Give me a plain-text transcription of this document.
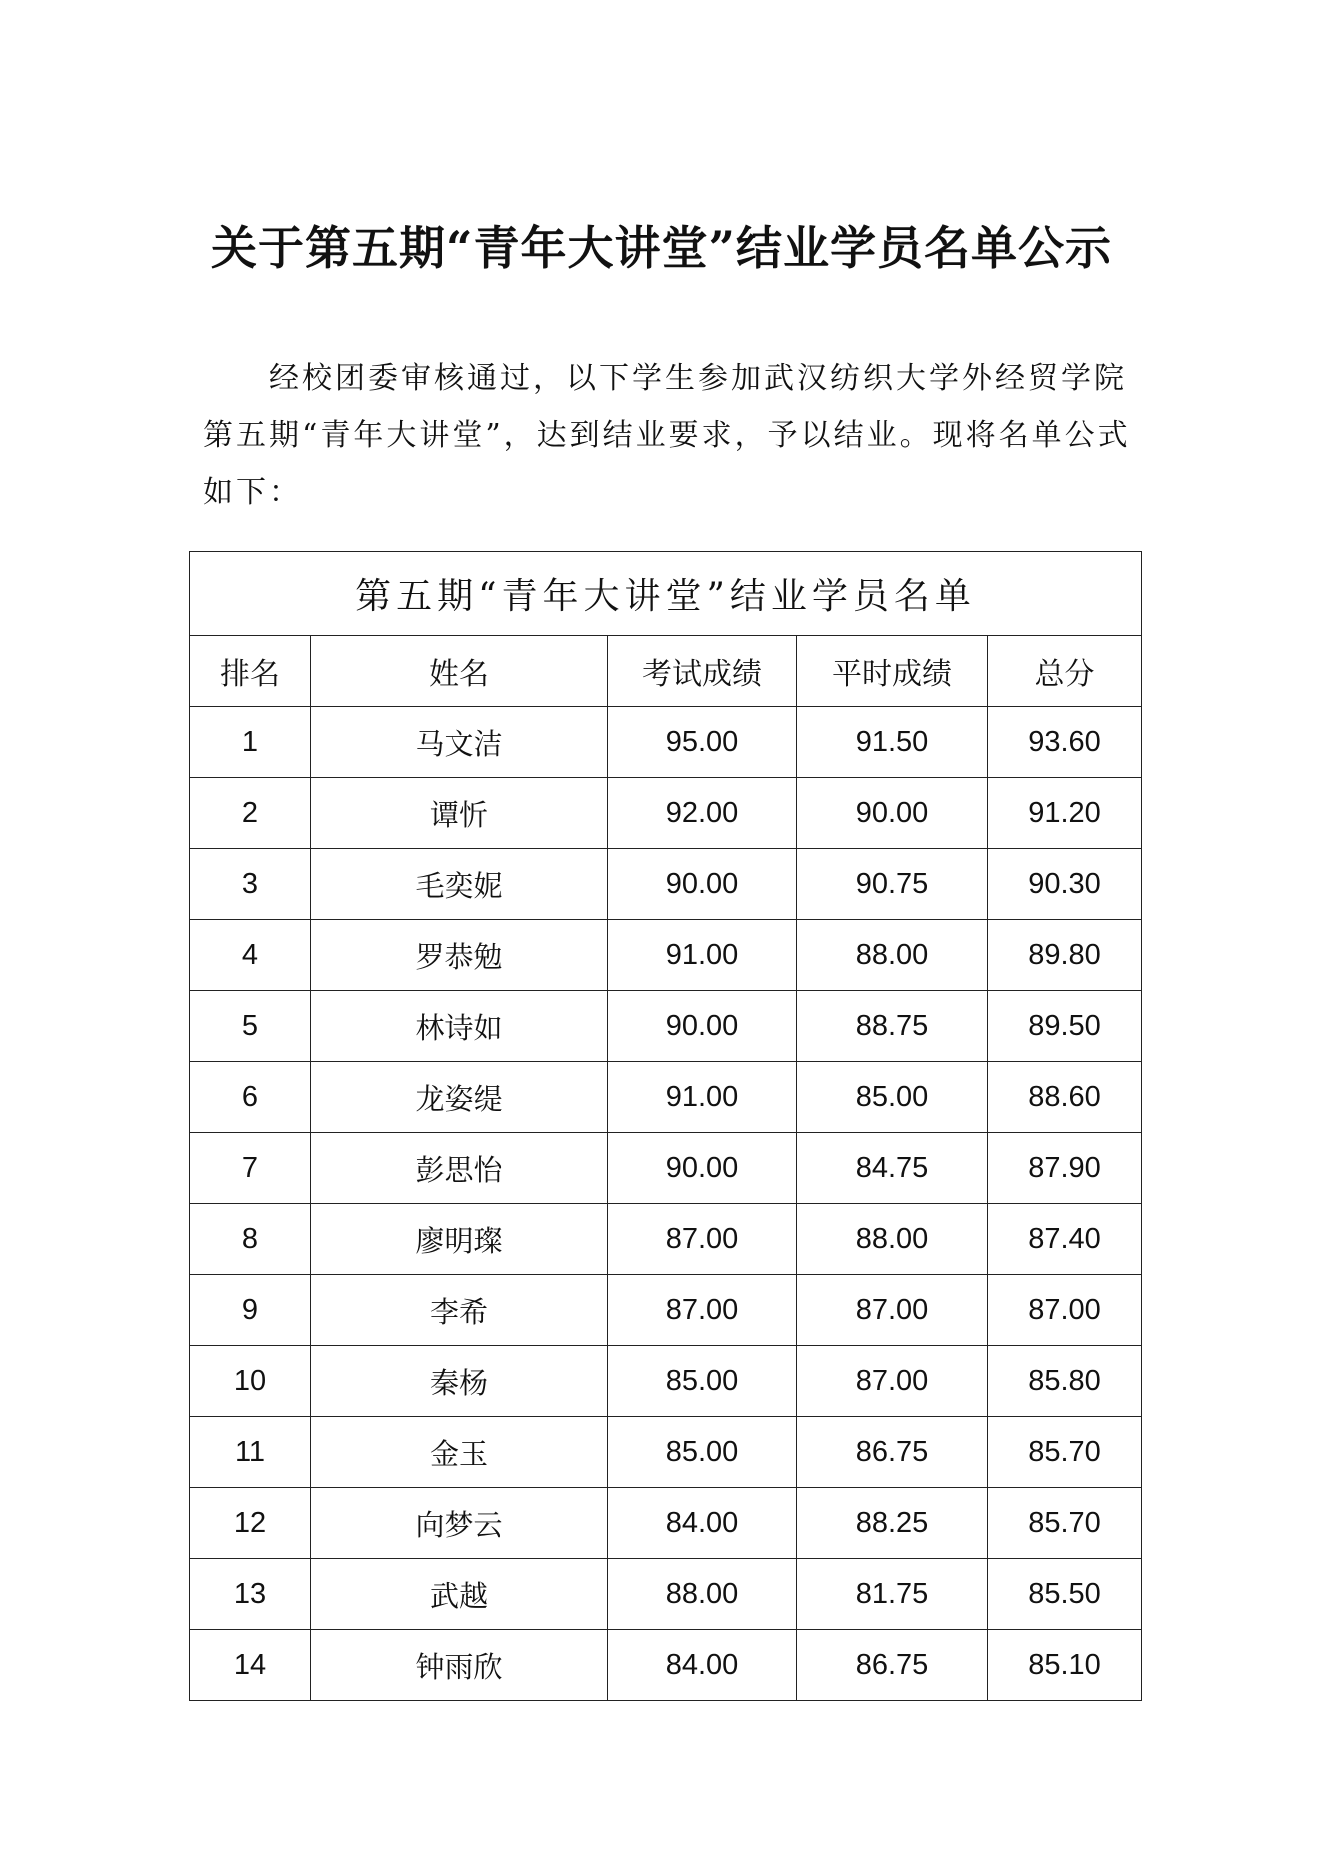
关于第五期“青年大讲堂”结业学员名单公示

经校团委审核通过，以下学生参加武汉纺织大学外经贸学院第五期“青年大讲堂”，达到结业要求，予以结业。现将名单公式如下：

第五期“青年大讲堂”结业学员名单				
排名	姓名	考试成绩	平时成绩	总分
1	马文洁	95.00	91.50	93.60
2	谭忻	92.00	90.00	91.20
3	毛奕妮	90.00	90.75	90.30
4	罗恭勉	91.00	88.00	89.80
5	林诗如	90.00	88.75	89.50
6	龙姿缇	91.00	85.00	88.60
7	彭思怡	90.00	84.75	87.90
8	廖明璨	87.00	88.00	87.40
9	李希	87.00	87.00	87.00
10	秦杨	85.00	87.00	85.80
11	金玉	85.00	86.75	85.70
12	向梦云	84.00	88.25	85.70
13	武越	88.00	81.75	85.50
14	钟雨欣	84.00	86.75	85.10
